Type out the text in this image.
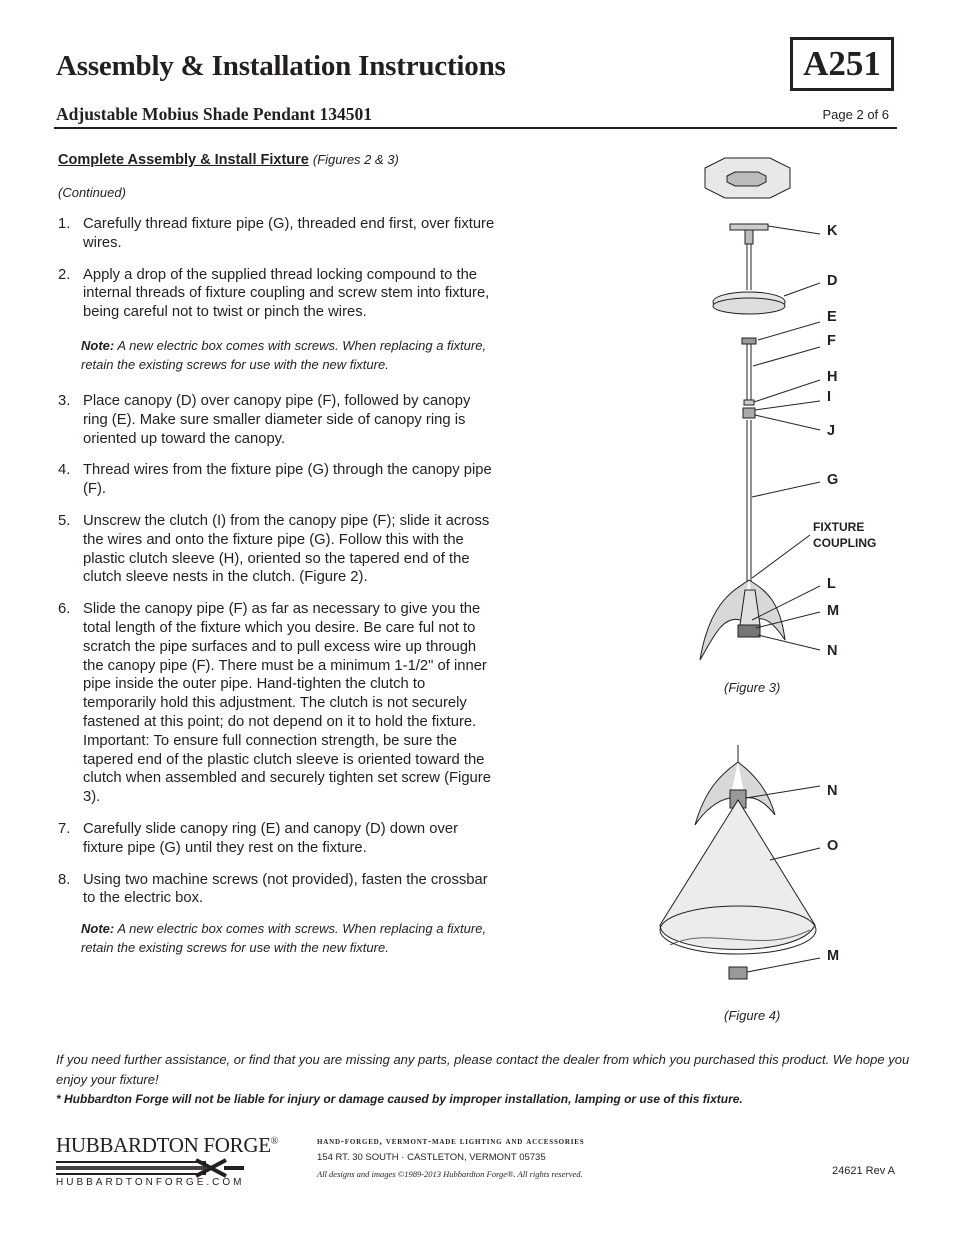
Assembly & Installation Instructions
Adjustable Mobius Shade Pendant 134501
A251
Page 2 of 6
Complete Assembly & Install Fixture (Figures 2 & 3)
(Continued)
1. Carefully thread fixture pipe (G), threaded end first, over fixture wires.
2. Apply a drop of the supplied thread locking compound to the internal threads of fixture coupling and screw stem into fixture, being careful not to twist or pinch the wires.
3. Place canopy (D) over canopy pipe (F), followed by canopy ring (E). Make sure smaller diameter side of canopy ring is oriented up toward the canopy.
4. Thread wires from the fixture pipe (G) through the canopy pipe (F).
5. Unscrew the clutch (I) from the canopy pipe (F); slide it across the wires and onto the fixture pipe (G). Follow this with the plastic clutch sleeve (H), oriented so the tapered end of the clutch sleeve nests in the clutch. (Figure 2).
6. Slide the canopy pipe (F) as far as necessary to give you the total length of the fixture which you desire. Be care ful not to scratch the pipe surfaces and to pull excess wire up through the canopy pipe (F). There must be a minimum 1-1/2" of inner pipe inside the outer pipe. Hand-tighten the clutch to temporarily hold this adjustment. The clutch is not securely fastened at this point; do not depend on it to hold the fixture. Important: To ensure full connection strength, be sure the tapered end of the plastic clutch sleeve is oriented toward the clutch when assembled and securely tighten set screw (Figure 3).
7. Carefully slide canopy ring (E) and canopy (D) down over fixture pipe (G) until they rest on the fixture.
8. Using two machine screws (not provided), fasten the crossbar to the electric box.
Note: A new electric box comes with screws. When replacing a fixture, retain the existing screws for use with the new fixture.
Note: A new electric box comes with screws. When replacing a fixture, retain the existing screws for use with the new fixture.
K
D
E
F
H
I
J
G
FIXTURE
COUPLING
L
M
N
(Figure 3)
N
O
M
(Figure 4)
If you need further assistance, or find that you are missing any parts, please contact the dealer from which you purchased this product. We hope you enjoy your fixture!
* Hubbardton Forge will not be liable for injury or damage caused by improper installation, lamping or use of this fixture.
HUBBARDTON FORGE®
HUBBARDTONFORGE.COM
hand-forged, vermont-made lighting and accessories
154 RT. 30 SOUTH · CASTLETON, VERMONT 05735
All designs and images ©1989-2013 Hubbardton Forge®. All rights reserved.	24621 Rev A
